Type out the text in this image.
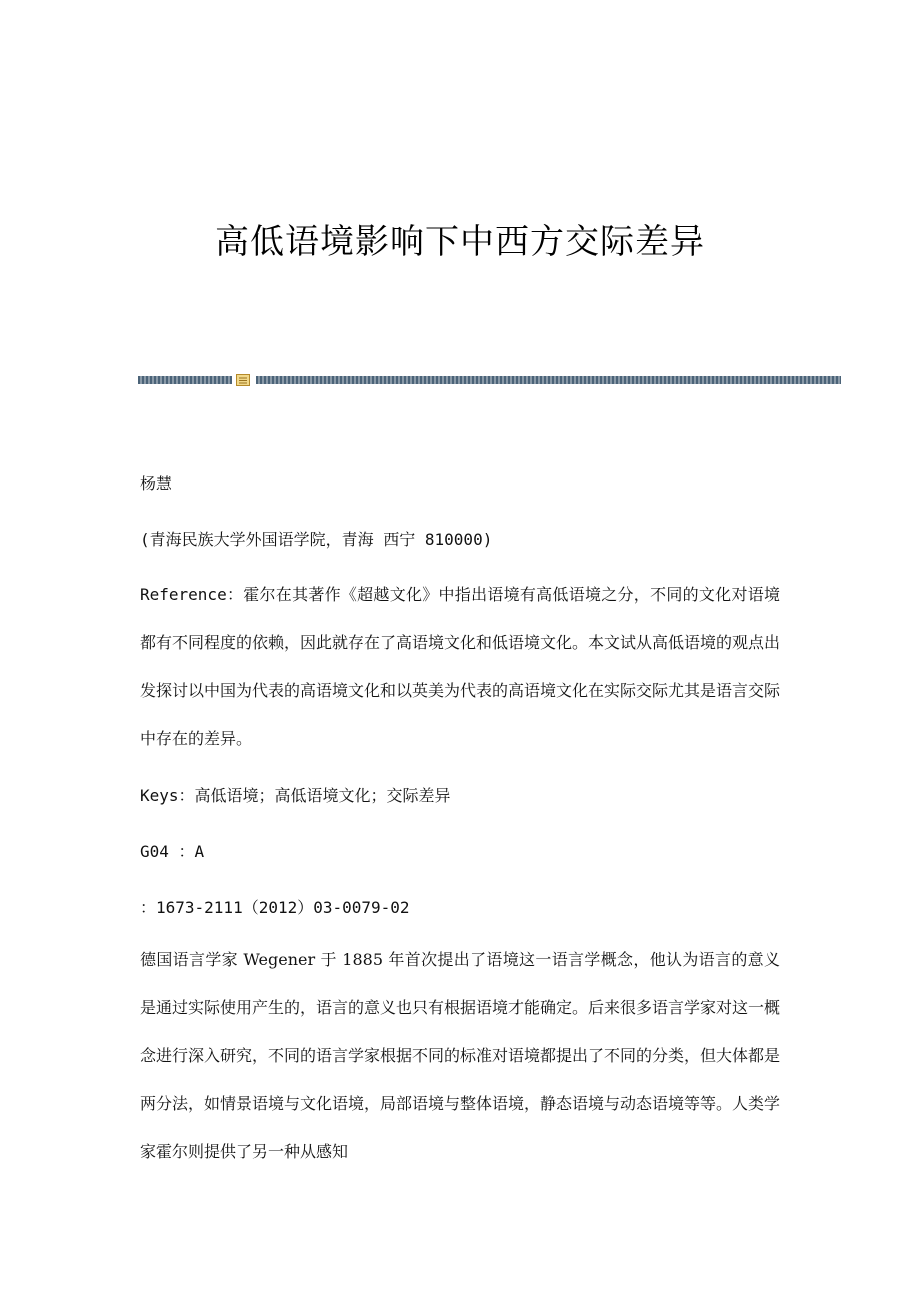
高低语境影响下中西方交际差异
杨慧
(青海民族大学外国语学院，青海 西宁 810000)
Reference：霍尔在其著作《超越文化》中指出语境有高低语境之分，不同的文化对语境都有不同程度的依赖，因此就存在了高语境文化和低语境文化。本文试从高低语境的观点出发探讨以中国为代表的高语境文化和以英美为代表的高语境文化在实际交际尤其是语言交际中存在的差异。
Keys：高低语境；高低语境文化；交际差异
G04 ：A
：1673-2111（2012）03-0079-02
德国语言学家 Wegener 于 1885 年首次提出了语境这一语言学概念，他认为语言的意义是通过实际使用产生的，语言的意义也只有根据语境才能确定。后来很多语言学家对这一概念进行深入研究，不同的语言学家根据不同的标准对语境都提出了不同的分类，但大体都是两分法，如情景语境与文化语境，局部语境与整体语境，静态语境与动态语境等等。人类学家霍尔则提供了另一种从感知
